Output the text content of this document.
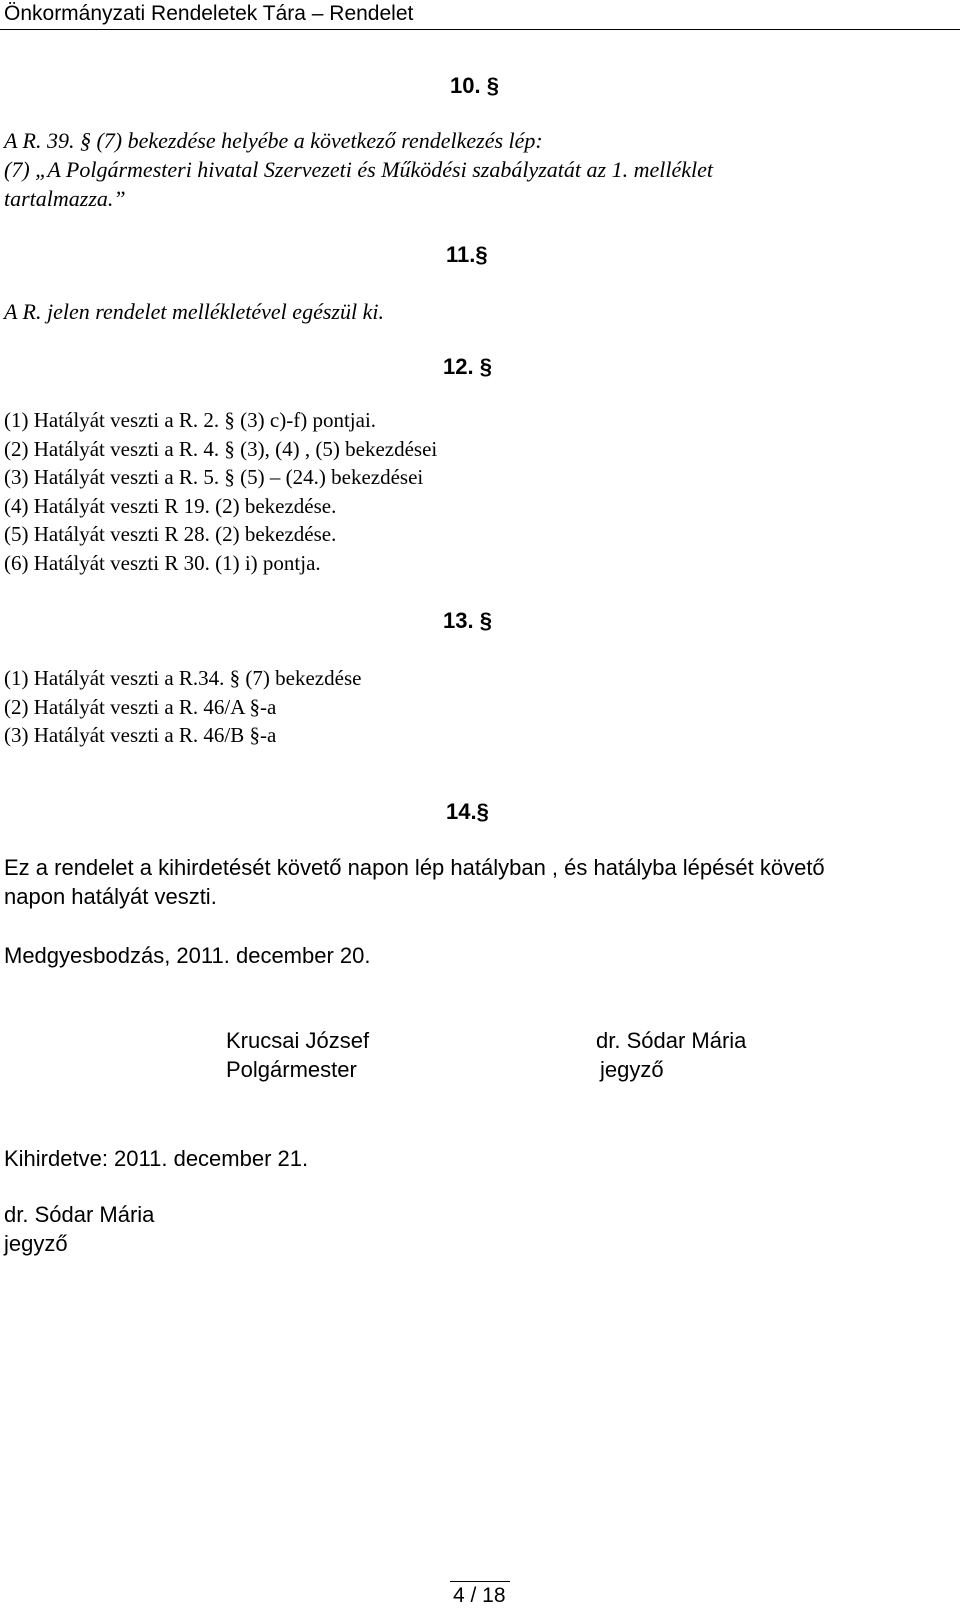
Önkormányzati Rendeletek Tára – Rendelet
10. §
A R. 39. § (7) bekezdése helyébe a következő rendelkezés lép:
(7) „A Polgármesteri hivatal Szervezeti és Működési szabályzatát az 1. melléklet
tartalmazza.”
11.§
A R. jelen rendelet mellékletével egészül ki.
12. §
(1) Hatályát veszti a R. 2. § (3) c)-f) pontjai.
(2) Hatályát veszti a R. 4. § (3), (4) , (5) bekezdései
(3) Hatályát veszti a R. 5. § (5) – (24.) bekezdései
(4) Hatályát veszti R 19. (2) bekezdése.
(5) Hatályát veszti R 28. (2) bekezdése.
(6) Hatályát veszti R 30. (1) i) pontja.
13. §
(1) Hatályát veszti a R.34. § (7) bekezdése
(2) Hatályát veszti a R. 46/A §-a
(3) Hatályát veszti a R. 46/B §-a
14.§
Ez a rendelet a kihirdetését követő napon lép hatályban , és hatályba lépését követő
napon hatályát veszti.
Medgyesbodzás, 2011. december 20.
Krucsai József
Polgármester
dr. Sódar Mária
jegyző
Kihirdetve: 2011. december 21.
dr. Sódar Mária
jegyző
4 / 18
